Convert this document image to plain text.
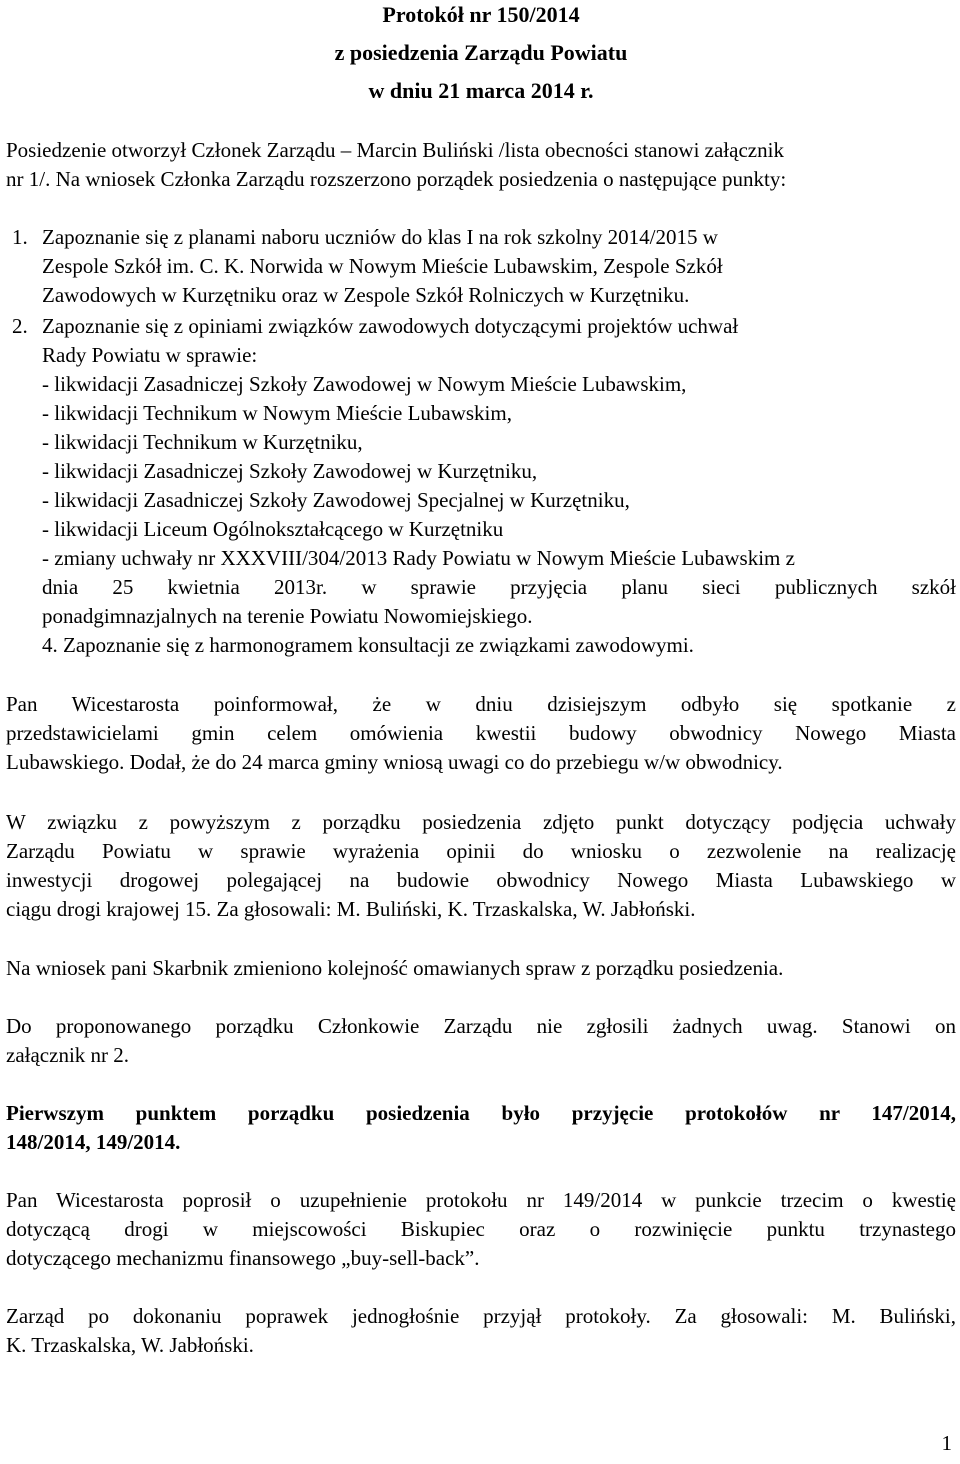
Protokół nr 150/2014
z posiedzenia Zarządu Powiatu
w dniu 21 marca 2014 r.
Posiedzenie otworzył Członek Zarządu – Marcin Buliński /lista obecności stanowi załącznik
nr 1/. Na wniosek Członka Zarządu rozszerzono porządek posiedzenia o następujące punkty:
1. Zapoznanie się z planami naboru uczniów do klas I na rok szkolny 2014/2015 w
Zespole Szkół im. C. K. Norwida w Nowym Mieście Lubawskim, Zespole Szkół
Zawodowych w Kurzętniku oraz w Zespole Szkół Rolniczych w Kurzętniku.
2. Zapoznanie się z opiniami związków zawodowych dotyczącymi projektów uchwał
Rady Powiatu w sprawie:
- likwidacji Zasadniczej Szkoły Zawodowej w Nowym Mieście Lubawskim,
- likwidacji Technikum w Nowym Mieście Lubawskim,
- likwidacji Technikum w Kurzętniku,
- likwidacji Zasadniczej Szkoły Zawodowej w Kurzętniku,
- likwidacji Zasadniczej Szkoły Zawodowej Specjalnej w Kurzętniku,
- likwidacji Liceum Ogólnokształcącego w Kurzętniku
- zmiany uchwały nr XXXVIII/304/2013 Rady Powiatu w Nowym Mieście Lubawskim z
dnia 25 kwietnia 2013r. w sprawie przyjęcia planu sieci publicznych szkół
ponadgimnazjalnych na terenie Powiatu Nowomiejskiego.
4. Zapoznanie się z harmonogramem konsultacji ze związkami zawodowymi.
Pan Wicestarosta poinformował, że w dniu dzisiejszym odbyło się spotkanie z
przedstawicielami gmin celem omówienia kwestii budowy obwodnicy Nowego Miasta
Lubawskiego. Dodał, że do 24 marca gminy wniosą uwagi co do przebiegu w/w obwodnicy.
W związku z powyższym z porządku posiedzenia zdjęto punkt dotyczący podjęcia uchwały
Zarządu Powiatu w sprawie wyrażenia opinii do wniosku o zezwolenie na realizację
inwestycji drogowej polegającej na budowie obwodnicy Nowego Miasta Lubawskiego w
ciągu drogi krajowej 15. Za głosowali: M. Buliński, K. Trzaskalska, W. Jabłoński.
Na wniosek pani Skarbnik zmieniono kolejność omawianych spraw z porządku posiedzenia.
Do proponowanego porządku Członkowie Zarządu nie zgłosili żadnych uwag. Stanowi on
załącznik nr 2.
Pierwszym punktem porządku posiedzenia było przyjęcie protokołów nr 147/2014,
148/2014, 149/2014.
Pan Wicestarosta poprosił o uzupełnienie protokołu nr 149/2014 w punkcie trzecim o kwestię
dotyczącą drogi w miejscowości Biskupiec oraz o rozwinięcie punktu trzynastego
dotyczącego mechanizmu finansowego „buy-sell-back”.
Zarząd po dokonaniu poprawek jednogłośnie przyjął protokoły. Za głosowali: M. Buliński,
K. Trzaskalska, W. Jabłoński.
1
